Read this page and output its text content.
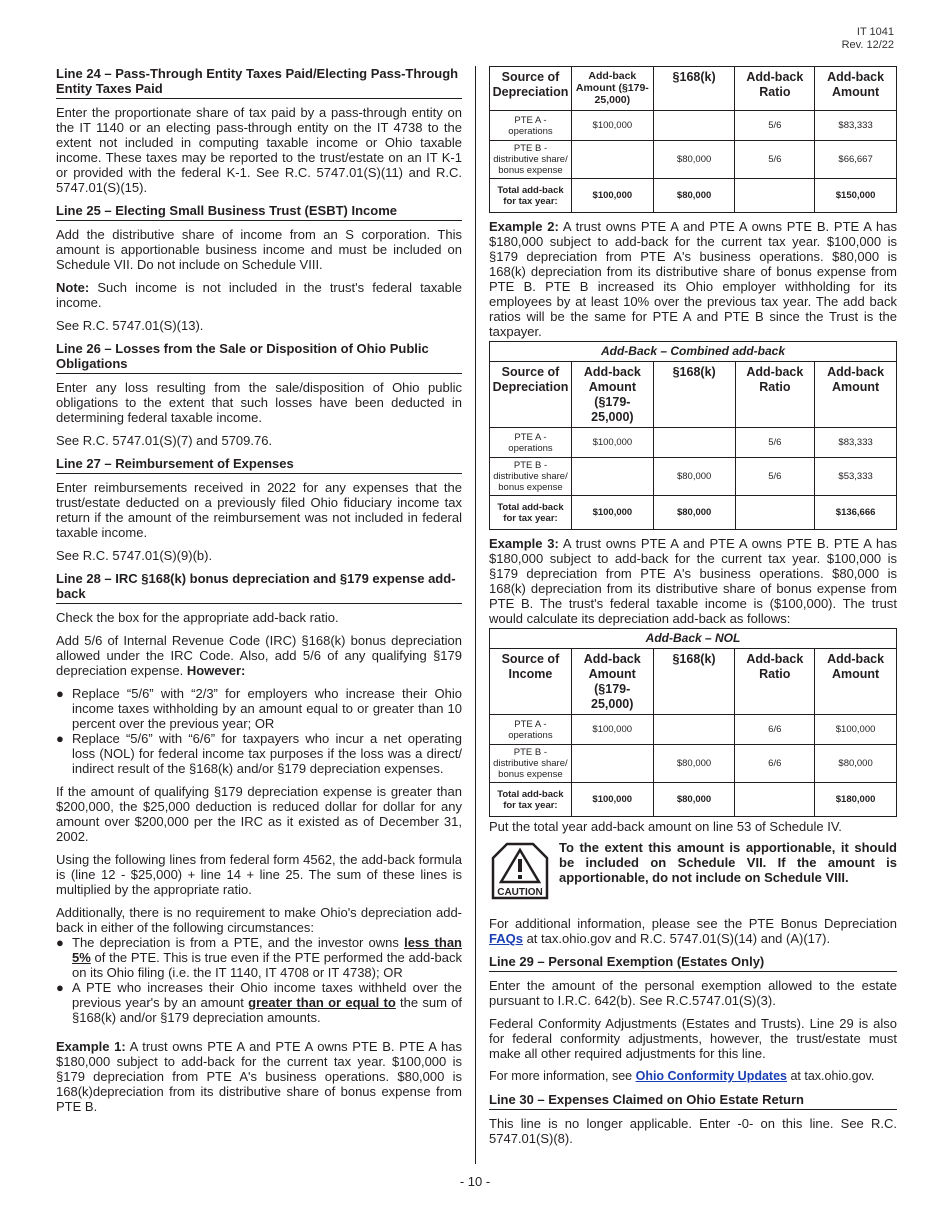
IT 1041
Rev. 12/22
Line 24 – Pass-Through Entity Taxes Paid/Electing Pass-Through Entity Taxes Paid

Enter the proportionate share of tax paid by a pass-through entity on the IT 1140 or an electing pass-through entity on the IT 4738 to the extent not included in computing taxable income or Ohio taxable income. These taxes may be reported to the trust/estate on an IT K-1 or provided with the federal K-1. See R.C. 5747.01(S)(11) and R.C. 5747.01(S)(15).

Line 25 – Electing Small Business Trust (ESBT) Income

Add the distributive share of income from an S corporation. This amount is apportionable business income and must be included on Schedule VII. Do not include on Schedule VIII.

Note: Such income is not included in the trust's federal taxable income.

See R.C. 5747.01(S)(13).

Line 26 – Losses from the Sale or Disposition of Ohio Public Obligations

Enter any loss resulting from the sale/disposition of Ohio public obligations to the extent that such losses have been deducted in determining federal taxable income.

See R.C. 5747.01(S)(7) and 5709.76.

Line 27 – Reimbursement of Expenses

Enter reimbursements received in 2022 for any expenses that the trust/estate deducted on a previously filed Ohio fiduciary income tax return if the amount of the reimbursement was not included in federal taxable income.

See R.C. 5747.01(S)(9)(b).

Line 28 – IRC §168(k) bonus depreciation and §179 expense add-back

Check the box for the appropriate add-back ratio.

Add 5/6 of Internal Revenue Code (IRC) §168(k) bonus depreciation allowed under the IRC Code. Also, add 5/6 of any qualifying §179 depreciation expense. However:

● Replace “5/6” with “2/3” for employers who increase their Ohio income taxes withholding by an amount equal to or greater than 10 percent over the previous year; OR
● Replace “5/6” with “6/6” for taxpayers who incur a net operating loss (NOL) for federal income tax purposes if the loss was a direct/ indirect result of the §168(k) and/or §179 depreciation expenses.

If the amount of qualifying §179 depreciation expense is greater than $200,000, the $25,000 deduction is reduced dollar for dollar for any amount over $200,000 per the IRC as it existed as of December 31, 2002.

Using the following lines from federal form 4562, the add-back formula is (line 12 - $25,000) + line 14 + line 25. The sum of these lines is multiplied by the appropriate ratio.

Additionally, there is no requirement to make Ohio's depreciation add-back in either of the following circumstances:

● The depreciation is from a PTE, and the investor owns less than 5% of the PTE. This is true even if the PTE performed the add-back on its Ohio filing (i.e. the IT 1140, IT 4708 or IT 4738); OR
● A PTE who increases their Ohio income taxes withheld over the previous year's by an amount greater than or equal to the sum of §168(k) and/or §179 depreciation amounts.

Example 1: A trust owns PTE A and PTE A owns PTE B. PTE A has $180,000 subject to add-back for the current tax year. $100,000 is §179 depreciation from PTE A's business operations. $80,000 is 168(k)depreciation from its distributive share of bonus expense from PTE B.

Source of Depreciation	Add-back Amount (§179-25,000)	§168(k)	Add-back Ratio	Add-back Amount
PTE A - operations	$100,000		5/6	$83,333
PTE B - distributive share/ bonus expense		$80,000	5/6	$66,667
Total add-back for tax year:	$100,000	$80,000		$150,000

Example 2: A trust owns PTE A and PTE A owns PTE B. PTE A has $180,000 subject to add-back for the current tax year. $100,000 is §179 depreciation from PTE A's business operations. $80,000 is 168(k) depreciation from its distributive share of bonus expense from PTE B. PTE B increased its Ohio employer withholding for its employees by at least 10% over the previous tax year. The add back ratios will be the same for PTE A and PTE B since the Trust is the taxpayer.

Add-Back – Combined add-back				
Source of Depreciation	Add-back Amount (§179-25,000)	§168(k)	Add-back Ratio	Add-back Amount
PTE A - operations	$100,000		5/6	$83,333
PTE B - distributive share/ bonus expense		$80,000	5/6	$53,333
Total add-back for tax year:	$100,000	$80,000		$136,666

Example 3: A trust owns PTE A and PTE A owns PTE B. PTE A has $180,000 subject to add-back for the current tax year. $100,000 is §179 depreciation from PTE A's business operations. $80,000 is 168(k) depreciation from its distributive share of bonus expense from PTE B. The trust's federal taxable income is ($100,000). The trust would calculate its depreciation add-back as follows:

Add-Back – NOL				
Source of Income	Add-back Amount (§179-25,000)	§168(k)	Add-back Ratio	Add-back Amount
PTE A - operations	$100,000		6/6	$100,000
PTE B - distributive share/ bonus expense		$80,000	6/6	$80,000
Total add-back for tax year:	$100,000	$80,000		$180,000

Put the total year add-back amount on line 53 of Schedule IV.

CAUTION
To the extent this amount is apportionable, it should be included on Schedule VII. If the amount is apportionable, do not include on Schedule VIII.

For additional information, please see the PTE Bonus Depreciation FAQs at tax.ohio.gov and R.C. 5747.01(S)(14) and (A)(17).

Line 29 – Personal Exemption (Estates Only)

Enter the amount of the personal exemption allowed to the estate pursuant to I.R.C. 642(b). See R.C.5747.01(S)(3).

Federal Conformity Adjustments (Estates and Trusts). Line 29 is also for federal conformity adjustments, however, the trust/estate must make all other required adjustments for this line.

For more information, see Ohio Conformity Updates at tax.ohio.gov.

Line 30 – Expenses Claimed on Ohio Estate Return

This line is no longer applicable. Enter -0- on this line. See R.C. 5747.01(S)(8).

- 10 -
